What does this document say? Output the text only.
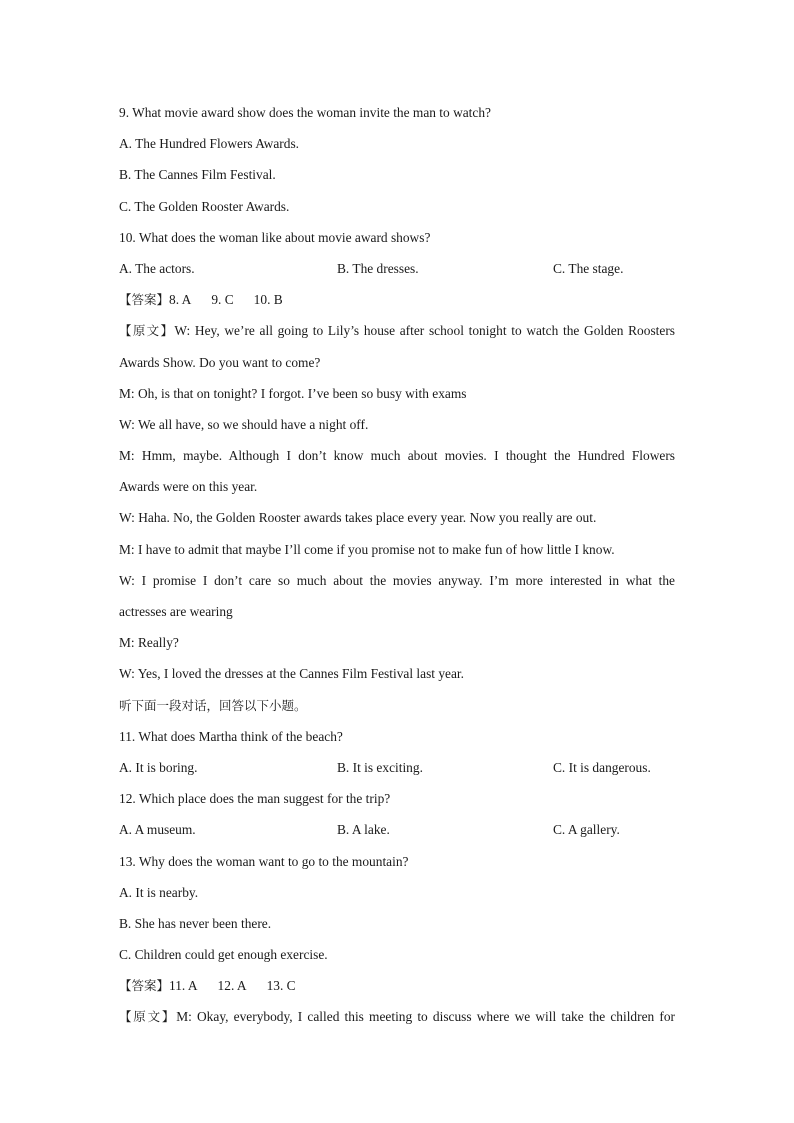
9. What movie award show does the woman invite the man to watch?
A. The Hundred Flowers Awards.
B. The Cannes Film Festival.
C. The Golden Rooster Awards.
10. What does the woman like about movie award shows?
A. The actors.	B. The dresses.	C. The stage.
【答案】8. A 9. C 10. B
【原文】W: Hey, we’re all going to Lily’s house after school tonight to watch the Golden Roosters
Awards Show. Do you want to come?
M: Oh, is that on tonight? I forgot. I’ve been so busy with exams
W: We all have, so we should have a night off.
M: Hmm, maybe. Although I don’t know much about movies. I thought the Hundred Flowers
Awards were on this year.
W: Haha. No, the Golden Rooster awards takes place every year. Now you really are out.
M: I have to admit that maybe I’ll come if you promise not to make fun of how little I know.
W: I promise I don’t care so much about the movies anyway. I’m more interested in what the
actresses are wearing
M: Really?
W: Yes, I loved the dresses at the Cannes Film Festival last year.
听下面一段对话，回答以下小题。
11. What does Martha think of the beach?
A. It is boring.	B. It is exciting.	C. It is dangerous.
12. Which place does the man suggest for the trip?
A. A museum.	B. A lake.	C. A gallery.
13. Why does the woman want to go to the mountain?
A. It is nearby.
B. She has never been there.
C. Children could get enough exercise.
【答案】11. A 12. A 13. C
【原文】M: Okay, everybody, I called this meeting to discuss where we will take the children for
